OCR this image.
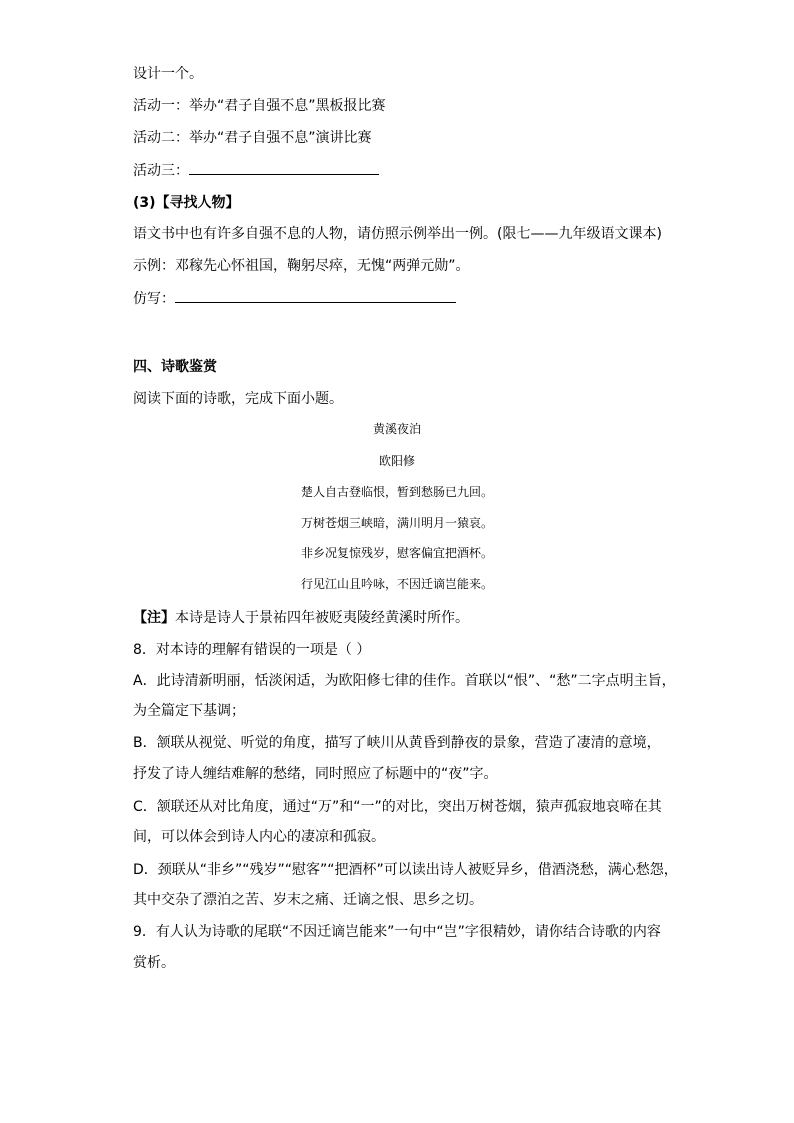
设计一个。
活动一：举办“君子自强不息”黑板报比赛
活动二：举办“君子自强不息”演讲比赛
活动三：
(3)【寻找人物】
语文书中也有许多自强不息的人物，请仿照示例举出一例。(限七——九年级语文课本)
示例：邓稼先心怀祖国，鞠躬尽瘁，无愧“两弹元勋”。
仿写：
四、诗歌鉴赏
阅读下面的诗歌，完成下面小题。
黄溪夜泊
欧阳修
楚人自古登临恨，暂到愁肠已九回。
万树苍烟三峡暗，满川明月一猿哀。
非乡况复惊残岁，慰客偏宜把酒杯。
行见江山且吟咏，不因迁谪岂能来。
【注】本诗是诗人于景祐四年被贬夷陵经黄溪时所作。
8．对本诗的理解有错误的一项是（ ）
A．此诗清新明丽，恬淡闲适，为欧阳修七律的佳作。首联以“恨”、“愁”二字点明主旨，
为全篇定下基调；
B．颔联从视觉、听觉的角度，描写了峡川从黄昏到静夜的景象，营造了凄清的意境，
抒发了诗人缠结难解的愁绪，同时照应了标题中的“夜”字。
C．颔联还从对比角度，通过“万”和“一”的对比，突出万树苍烟，猿声孤寂地哀啼在其
间，可以体会到诗人内心的凄凉和孤寂。
D．颈联从“非乡”“残岁”“慰客”“把酒杯”可以读出诗人被贬异乡，借酒浇愁，满心愁怨，
其中交杂了漂泊之苦、岁末之痛、迁谪之恨、思乡之切。
9．有人认为诗歌的尾联“不因迁谪岂能来”一句中“岂”字很精妙，请你结合诗歌的内容
赏析。
